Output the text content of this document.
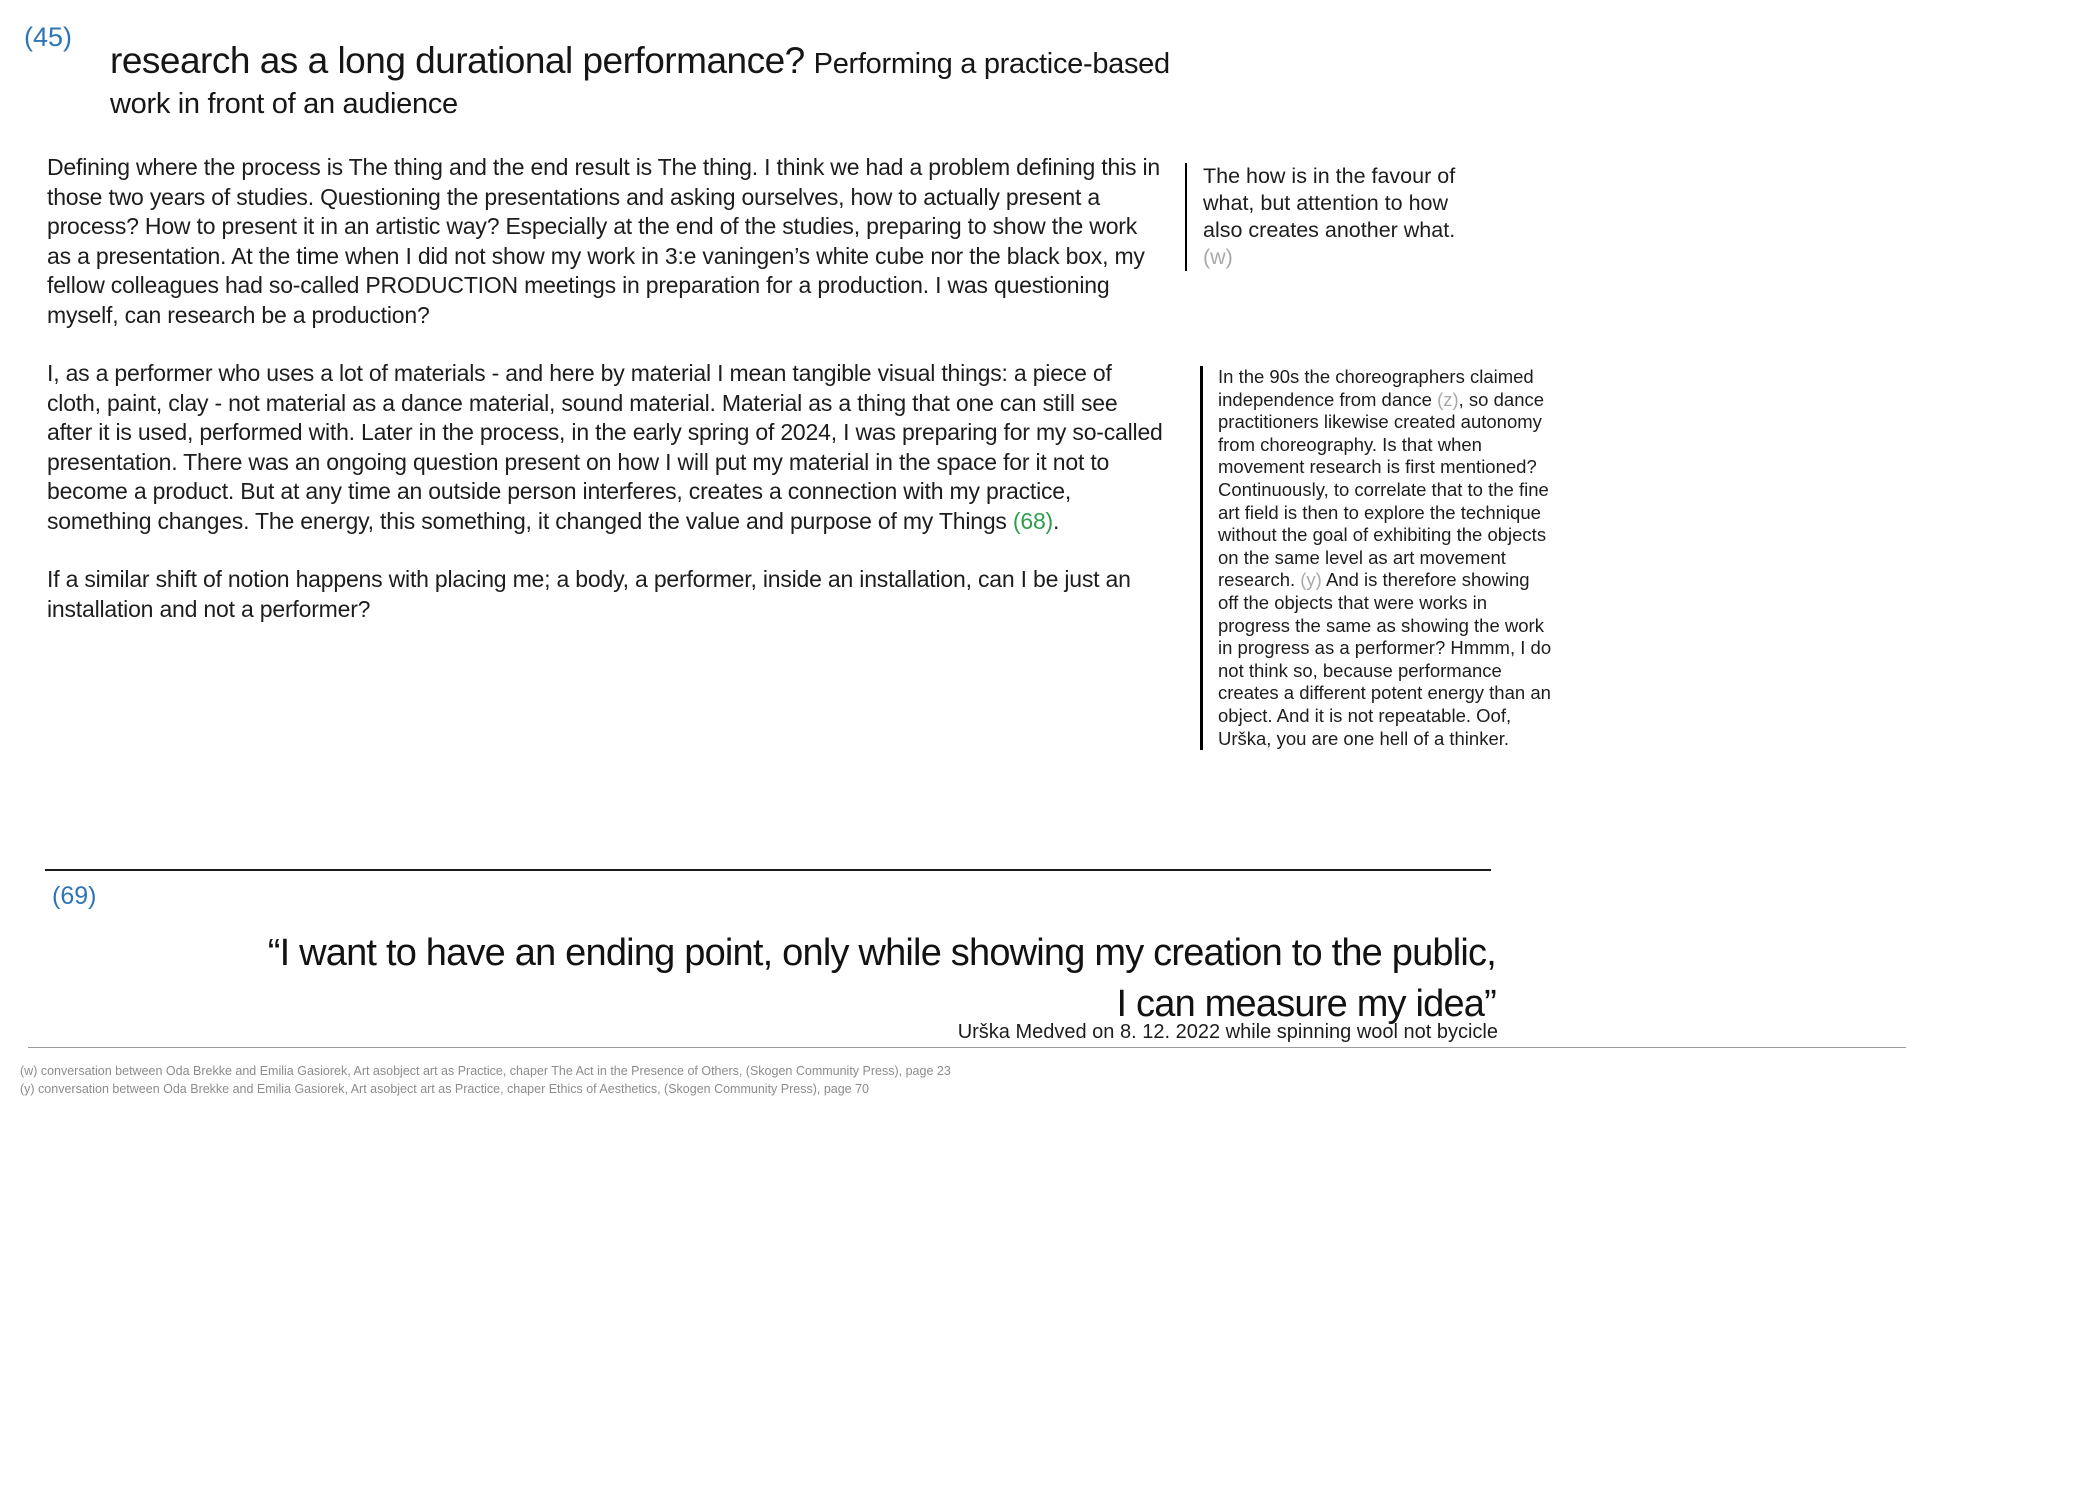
(45)
research as a long durational performance? Performing a practice-based
work in front of an audience

Defining where the process is The thing and the end result is The thing. I think we had a problem defining this in those two years of studies. Questioning the presentations and asking ourselves, how to actually present a process? How to present it in an artistic way? Especially at the end of the studies, preparing to show the work as a presentation. At the time when I did not show my work in 3:e vaningen’s white cube nor the black box, my fellow colleagues had so-called PRODUCTION meetings in preparation for a production. I was questioning myself, can research be a production?

I, as a performer who uses a lot of materials - and here by material I mean tangible visual things: a piece of cloth, paint, clay - not material as a dance material, sound material. Material as a thing that one can still see after it is used, performed with. Later in the process, in the early spring of 2024, I was preparing for my so-called presentation. There was an ongoing question present on how I will put my material in the space for it not to become a product. But at any time an outside person interferes, creates a connection with my practice, something changes. The energy, this something, it changed the value and purpose of my Things (68).

If a similar shift of notion happens with placing me; a body, a performer, inside an installation, can I be just an installation and not a performer?

The how is in the favour of what, but attention to how also creates another what.
(w)
In the 90s the choreographers claimed independence from dance (z), so dance practitioners likewise created autonomy from choreography. Is that when movement research is first mentioned? Continuously, to correlate that to the fine art field is then to explore the technique without the goal of exhibiting the objects on the same level as art movement research. (y) And is therefore showing off the objects that were works in progress the same as showing the work in progress as a performer? Hmmm, I do not think so, because performance creates a different potent energy than an object. And it is not repeatable. Oof, Urška, you are one hell of a thinker.
(69)
“I want to have an ending point, only while showing my creation to the public,
I can measure my idea”
Urška Medved on 8. 12. 2022 while spinning wool not bycicle
(w) conversation between Oda Brekke and Emilia Gasiorek, Art asobject art as Practice, chaper The Act in the Presence of Others, (Skogen Community Press), page 23
(y) conversation between Oda Brekke and Emilia Gasiorek, Art asobject art as Practice, chaper Ethics of Aesthetics, (Skogen Community Press), page 70
